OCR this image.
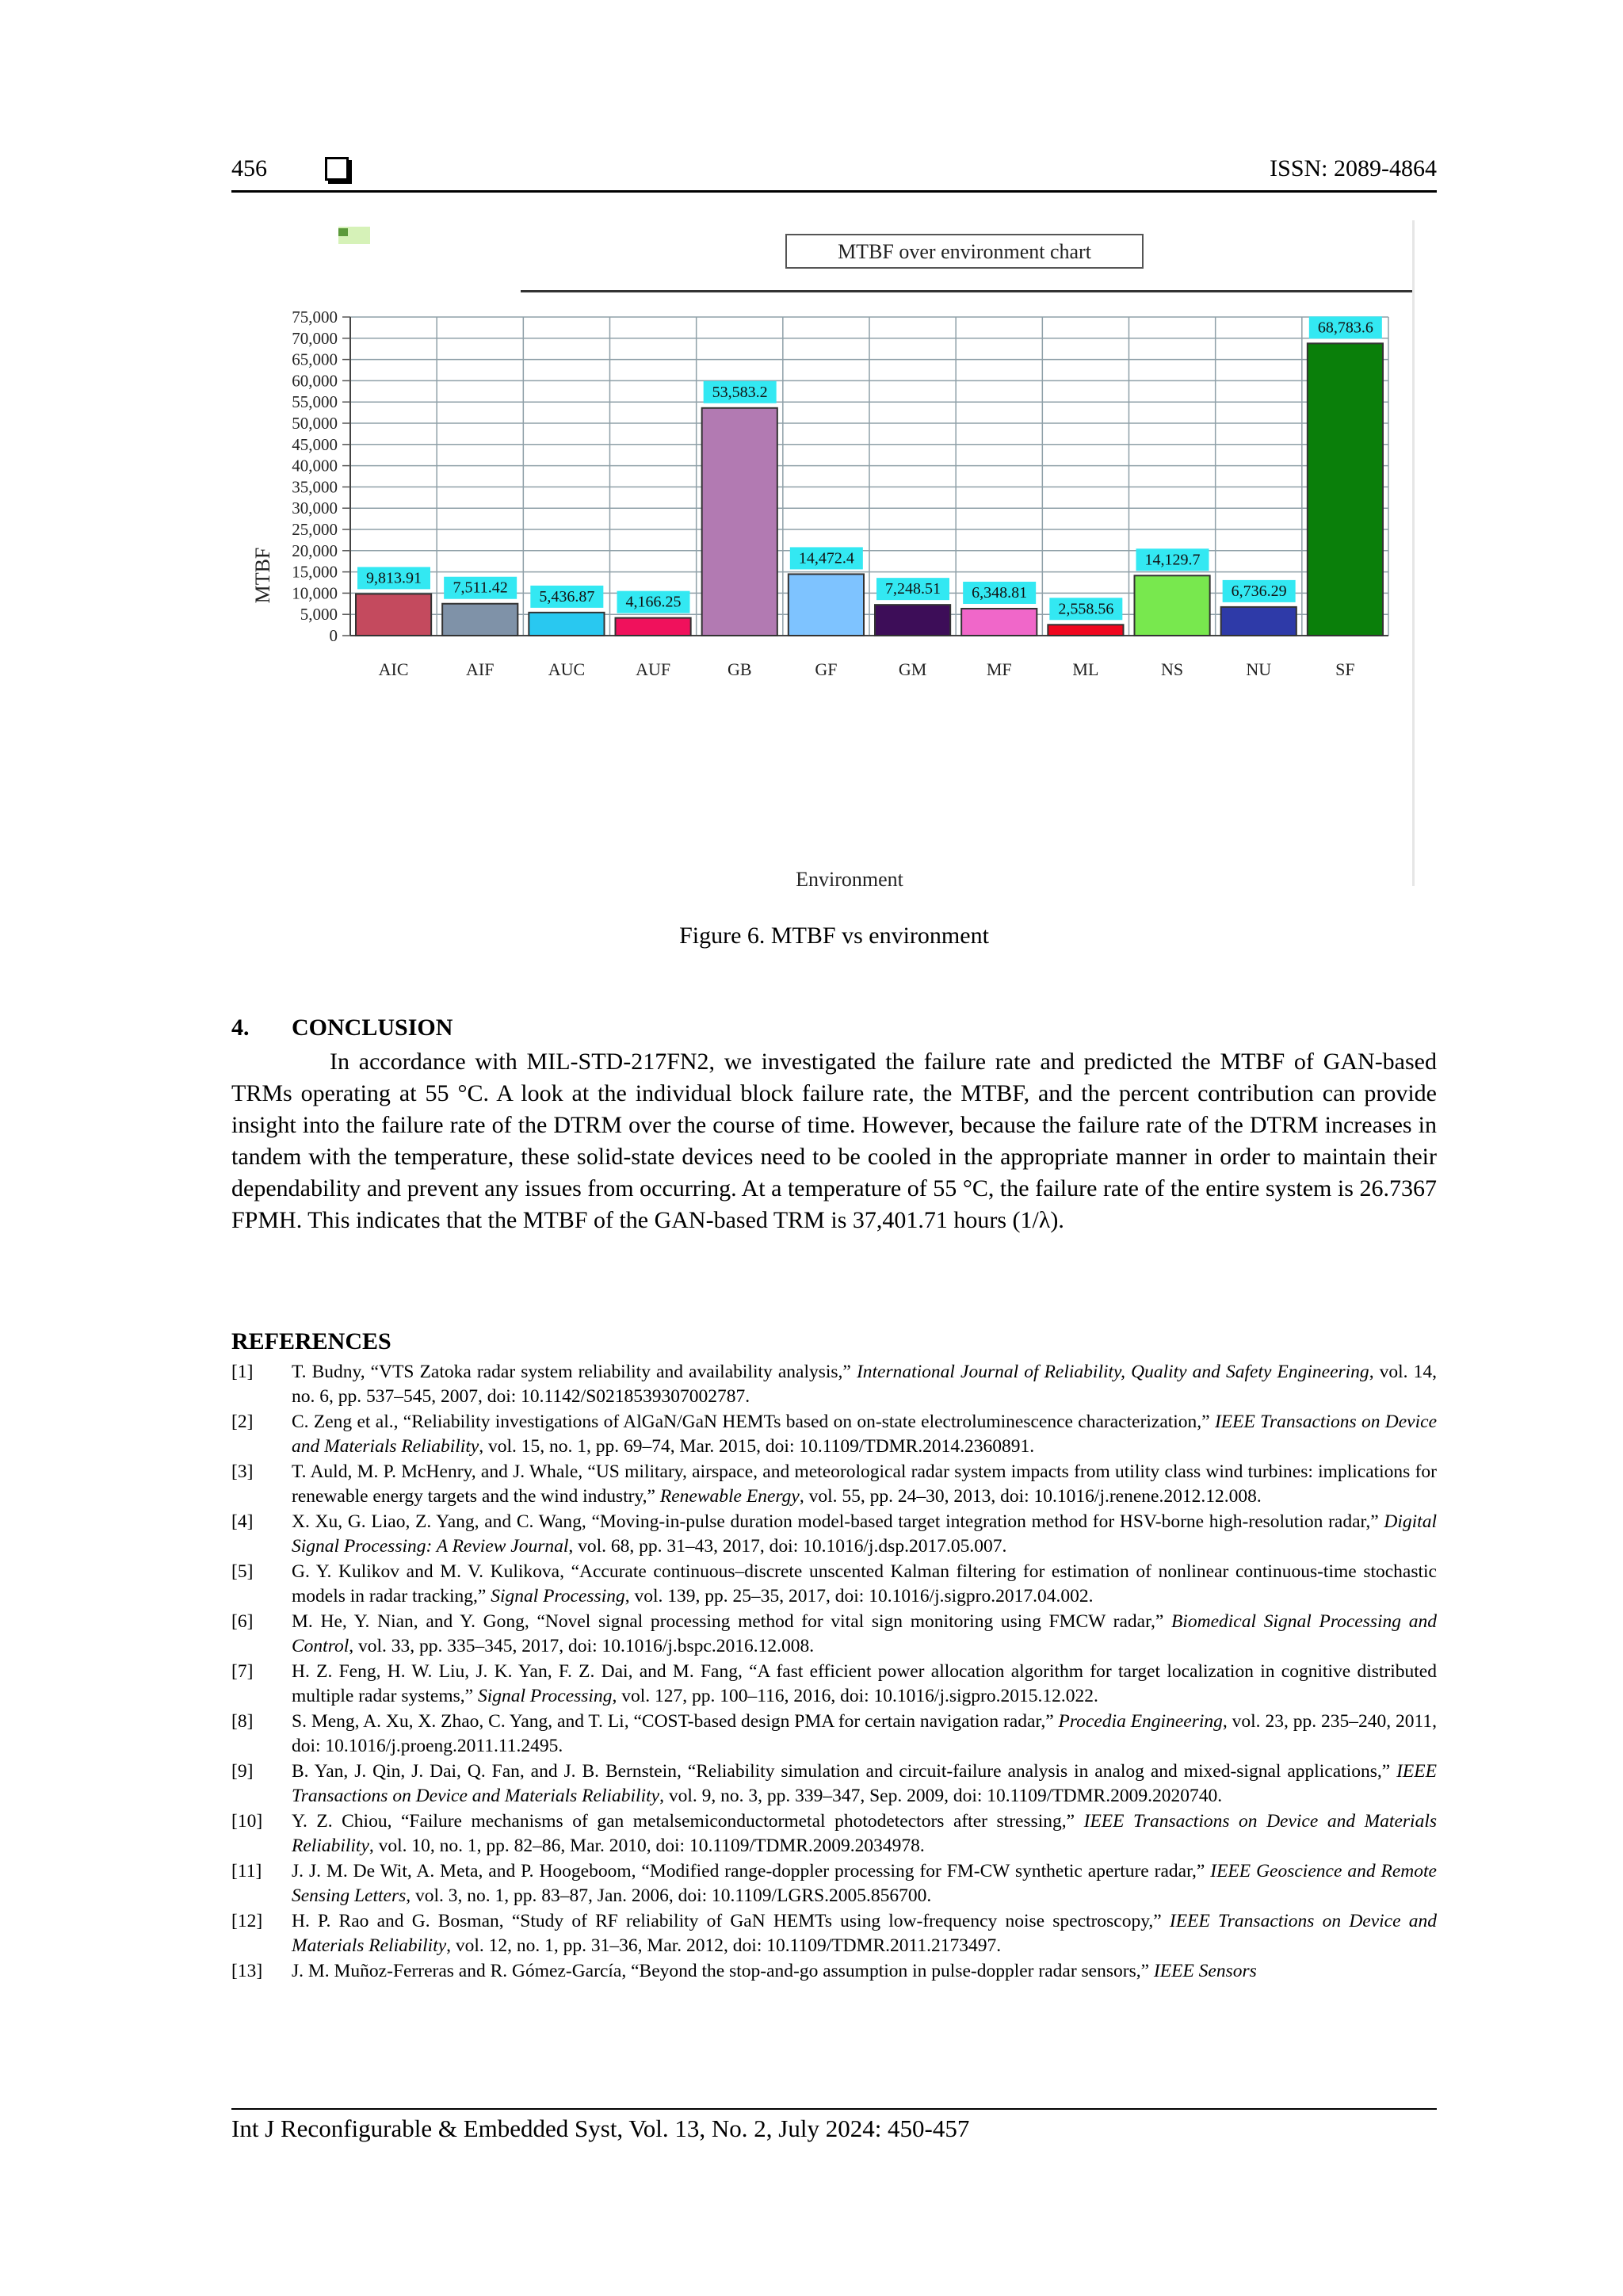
456	ISSN: 2089-4864
MTBF over environment chart
0
5,000
10,000
15,000
20,000
25,000
30,000
35,000
40,000
45,000
50,000
55,000
60,000
65,000
70,000
75,000
9,813.91
7,511.42
5,436.87 4,166.25
53,583.2
14,472.4
7,248.51 6,348.81
2,558.56
14,129.7
6,736.29
68,783.6
AIC	AIF	AUC	AUF	GB	GF	GM	MF	ML	NS	NU	SF
MTBF
Environment
Figure 6. MTBF vs environment
4. CONCLUSION

In accordance with MIL-STD-217FN2, we investigated the failure rate and predicted the MTBF of GAN-based TRMs operating at 55 °C. A look at the individual block failure rate, the MTBF, and the percent contribution can provide insight into the failure rate of the DTRM over the course of time. However, because the failure rate of the DTRM increases in tandem with the temperature, these solid-state devices need to be cooled in the appropriate manner in order to maintain their dependability and prevent any issues from occurring. At a temperature of 55 °C, the failure rate of the entire system is 26.7367 FPMH. This indicates that the MTBF of the GAN-based TRM is 37,401.71 hours (1/λ).

REFERENCES
[1]	T. Budny, “VTS Zatoka radar system reliability and availability analysis,” International Journal of Reliability, Quality and Safety Engineering, vol. 14, no. 6, pp. 537–545, 2007, doi: 10.1142/S0218539307002787.
[2]	C. Zeng et al., “Reliability investigations of AlGaN/GaN HEMTs based on on-state electroluminescence characterization,” IEEE Transactions on Device and Materials Reliability, vol. 15, no. 1, pp. 69–74, Mar. 2015, doi: 10.1109/TDMR.2014.2360891.
[3]	T. Auld, M. P. McHenry, and J. Whale, “US military, airspace, and meteorological radar system impacts from utility class wind turbines: implications for renewable energy targets and the wind industry,” Renewable Energy, vol. 55, pp. 24–30, 2013, doi: 10.1016/j.renene.2012.12.008.
[4]	X. Xu, G. Liao, Z. Yang, and C. Wang, “Moving-in-pulse duration model-based target integration method for HSV-borne high-resolution radar,” Digital Signal Processing: A Review Journal, vol. 68, pp. 31–43, 2017, doi: 10.1016/j.dsp.2017.05.007.
[5]	G. Y. Kulikov and M. V. Kulikova, “Accurate continuous–discrete unscented Kalman filtering for estimation of nonlinear continuous-time stochastic models in radar tracking,” Signal Processing, vol. 139, pp. 25–35, 2017, doi: 10.1016/j.sigpro.2017.04.002.
[6]	M. He, Y. Nian, and Y. Gong, “Novel signal processing method for vital sign monitoring using FMCW radar,” Biomedical Signal Processing and Control, vol. 33, pp. 335–345, 2017, doi: 10.1016/j.bspc.2016.12.008.
[7]	H. Z. Feng, H. W. Liu, J. K. Yan, F. Z. Dai, and M. Fang, “A fast efficient power allocation algorithm for target localization in cognitive distributed multiple radar systems,” Signal Processing, vol. 127, pp. 100–116, 2016, doi: 10.1016/j.sigpro.2015.12.022.
[8]	S. Meng, A. Xu, X. Zhao, C. Yang, and T. Li, “COST-based design PMA for certain navigation radar,” Procedia Engineering, vol. 23, pp. 235–240, 2011, doi: 10.1016/j.proeng.2011.11.2495.
[9]	B. Yan, J. Qin, J. Dai, Q. Fan, and J. B. Bernstein, “Reliability simulation and circuit-failure analysis in analog and mixed-signal applications,” IEEE Transactions on Device and Materials Reliability, vol. 9, no. 3, pp. 339–347, Sep. 2009, doi: 10.1109/TDMR.2009.2020740.
[10]	Y. Z. Chiou, “Failure mechanisms of gan metalsemiconductormetal photodetectors after stressing,” IEEE Transactions on Device and Materials Reliability, vol. 10, no. 1, pp. 82–86, Mar. 2010, doi: 10.1109/TDMR.2009.2034978.
[11]	J. J. M. De Wit, A. Meta, and P. Hoogeboom, “Modified range-doppler processing for FM-CW synthetic aperture radar,” IEEE Geoscience and Remote Sensing Letters, vol. 3, no. 1, pp. 83–87, Jan. 2006, doi: 10.1109/LGRS.2005.856700.
[12]	H. P. Rao and G. Bosman, “Study of RF reliability of GaN HEMTs using low-frequency noise spectroscopy,” IEEE Transactions on Device and Materials Reliability, vol. 12, no. 1, pp. 31–36, Mar. 2012, doi: 10.1109/TDMR.2011.2173497.
[13]	J. M. Muñoz-Ferreras and R. Gómez-García, “Beyond the stop-and-go assumption in pulse-doppler radar sensors,” IEEE Sensors
Int J Reconfigurable & Embedded Syst, Vol. 13, No. 2, July 2024: 450-457
